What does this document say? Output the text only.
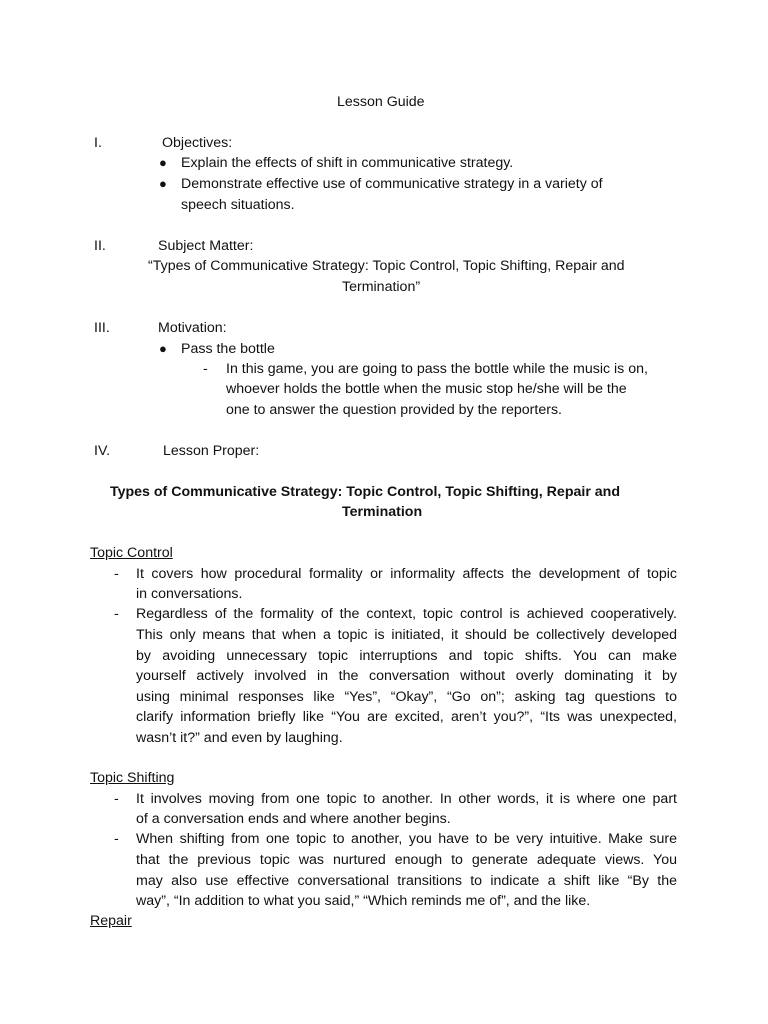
Lesson Guide
I.	Objectives:
● Explain the effects of shift in communicative strategy.
● Demonstrate effective use of communicative strategy in a variety of
speech situations.
II.	Subject Matter:
“Types of Communicative Strategy: Topic Control, Topic Shifting, Repair and
Termination”
III.	Motivation:
● Pass the bottle
- In this game, you are going to pass the bottle while the music is on,
whoever holds the bottle when the music stop he/she will be the
one to answer the question provided by the reporters.
IV.	Lesson Proper:
Types of Communicative Strategy: Topic Control, Topic Shifting, Repair and
Termination
Topic Control
- It covers how procedural formality or informality affects the development of topic
in conversations.
- Regardless of the formality of the context, topic control is achieved cooperatively.
This only means that when a topic is initiated, it should be collectively developed
by avoiding unnecessary topic interruptions and topic shifts. You can make
yourself actively involved in the conversation without overly dominating it by
using minimal responses like “Yes”, “Okay”, “Go on”; asking tag questions to
clarify information briefly like “You are excited, aren’t you?”, “Its was unexpected,
wasn’t it?” and even by laughing.
Topic Shifting
- It involves moving from one topic to another. In other words, it is where one part
of a conversation ends and where another begins.
- When shifting from one topic to another, you have to be very intuitive. Make sure
that the previous topic was nurtured enough to generate adequate views. You
may also use effective conversational transitions to indicate a shift like “By the
way”, “In addition to what you said,” “Which reminds me of”, and the like.
Repair
